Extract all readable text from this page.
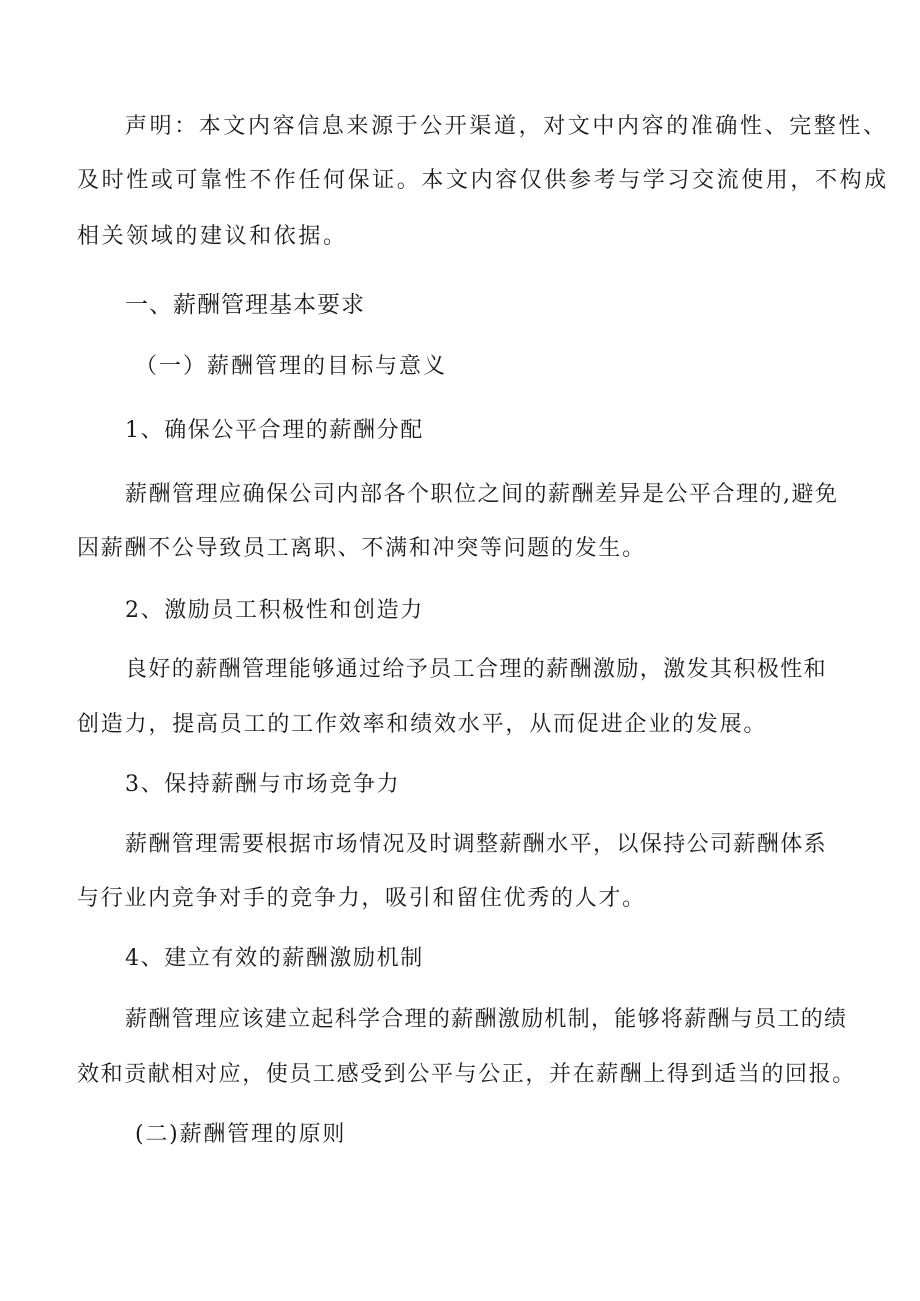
声明：本文内容信息来源于公开渠道，对文中内容的准确性、完整性、
及时性或可靠性不作任何保证。本文内容仅供参考与学习交流使用，不构成
相关领域的建议和依据。
一、薪酬管理基本要求
（一）薪酬管理的目标与意义
1、确保公平合理的薪酬分配
薪酬管理应确保公司内部各个职位之间的薪酬差异是公平合理的,避免
因薪酬不公导致员工离职、不满和冲突等问题的发生。
2、激励员工积极性和创造力
良好的薪酬管理能够通过给予员工合理的薪酬激励，激发其积极性和
创造力，提高员工的工作效率和绩效水平，从而促进企业的发展。
3、保持薪酬与市场竞争力
薪酬管理需要根据市场情况及时调整薪酬水平，以保持公司薪酬体系
与行业内竞争对手的竞争力，吸引和留住优秀的人才。
4、建立有效的薪酬激励机制
薪酬管理应该建立起科学合理的薪酬激励机制，能够将薪酬与员工的绩
效和贡献相对应，使员工感受到公平与公正，并在薪酬上得到适当的回报。
(二)薪酬管理的原则
